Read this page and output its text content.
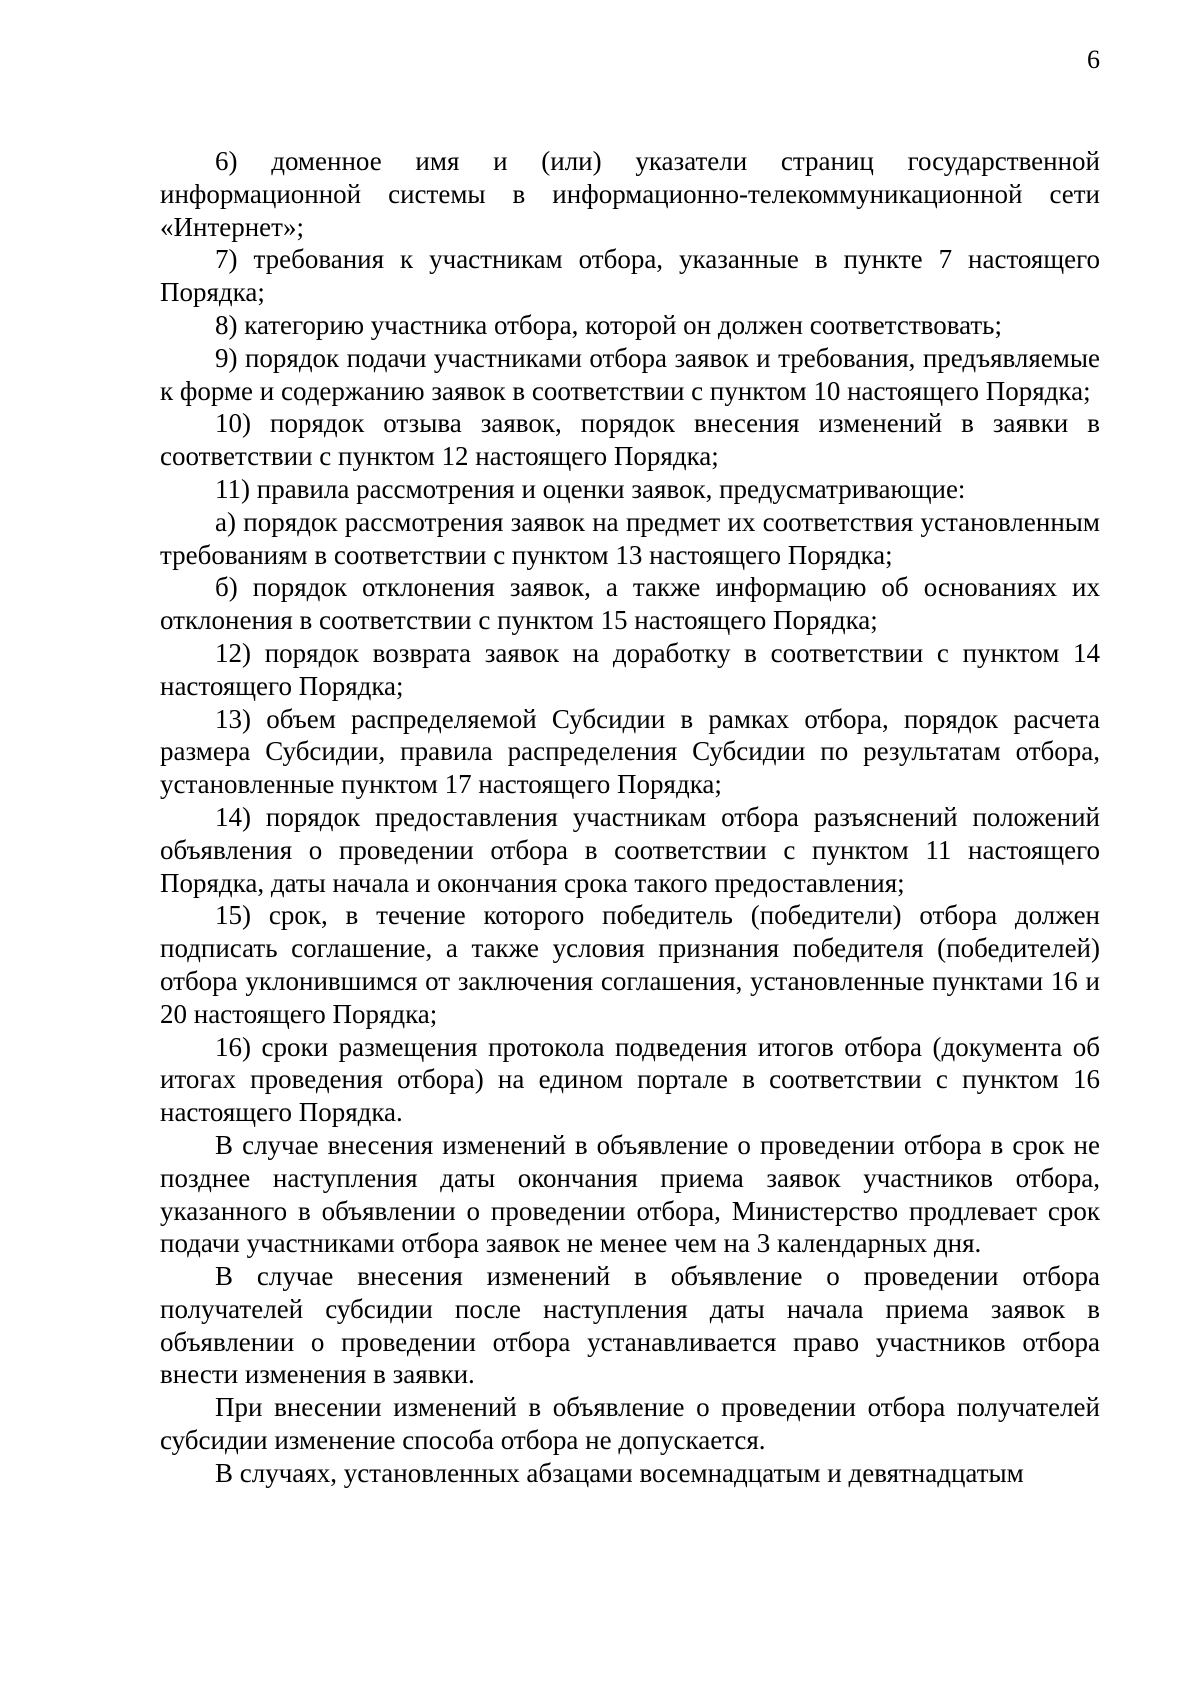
6

6) доменное имя и (или) указатели страниц государственной информационной системы в информационно-телекоммуникационной сети «Интернет»;

7) требования к участникам отбора, указанные в пункте 7 настоящего Порядка;

8) категорию участника отбора, которой он должен соответствовать;

9) порядок подачи участниками отбора заявок и требования, предъявляемые к форме и содержанию заявок в соответствии с пунктом 10 настоящего Порядка;

10) порядок отзыва заявок, порядок внесения изменений в заявки в соответствии с пунктом 12 настоящего Порядка;

11) правила рассмотрения и оценки заявок, предусматривающие:

а) порядок рассмотрения заявок на предмет их соответствия установленным требованиям в соответствии с пунктом 13 настоящего Порядка;

б) порядок отклонения заявок, а также информацию об основаниях их отклонения в соответствии с пунктом 15 настоящего Порядка;

12) порядок возврата заявок на доработку в соответствии с пунктом 14 настоящего Порядка;

13) объем распределяемой Субсидии в рамках отбора, порядок расчета размера Субсидии, правила распределения Субсидии по результатам отбора, установленные пунктом 17 настоящего Порядка;

14) порядок предоставления участникам отбора разъяснений положений объявления о проведении отбора в соответствии с пунктом 11 настоящего Порядка, даты начала и окончания срока такого предоставления;

15) срок, в течение которого победитель (победители) отбора должен подписать соглашение, а также условия признания победителя (победителей) отбора уклонившимся от заключения соглашения, установленные пунктами 16 и 20 настоящего Порядка;

16) сроки размещения протокола подведения итогов отбора (документа об итогах проведения отбора) на едином портале в соответствии с пунктом 16 настоящего Порядка.

В случае внесения изменений в объявление о проведении отбора в срок не позднее наступления даты окончания приема заявок участников отбора, указанного в объявлении о проведении отбора, Министерство продлевает срок подачи участниками отбора заявок не менее чем на 3 календарных дня.

В случае внесения изменений в объявление о проведении отбора получателей субсидии после наступления даты начала приема заявок в объявлении о проведении отбора устанавливается право участников отбора внести изменения в заявки.

При внесении изменений в объявление о проведении отбора получателей субсидии изменение способа отбора не допускается.

В случаях, установленных абзацами восемнадцатым и девятнадцатым
